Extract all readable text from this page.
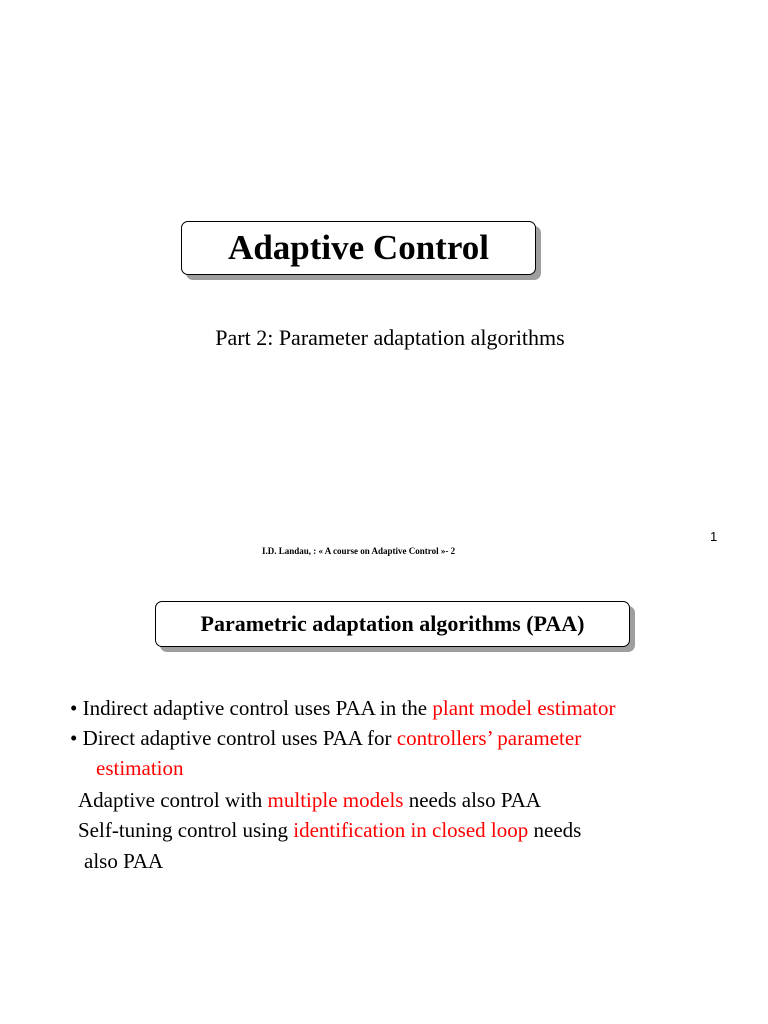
Adaptive Control
Part 2: Parameter adaptation algorithms
1
I.D. Landau, : « A course on Adaptive Control »- 2
Parametric adaptation algorithms (PAA)
• Indirect adaptive control uses PAA in the plant model estimator
• Direct adaptive control uses PAA for controllers’ parameter
estimation
Adaptive control with multiple models needs also PAA
Self-tuning control using identification in closed loop needs
also PAA
